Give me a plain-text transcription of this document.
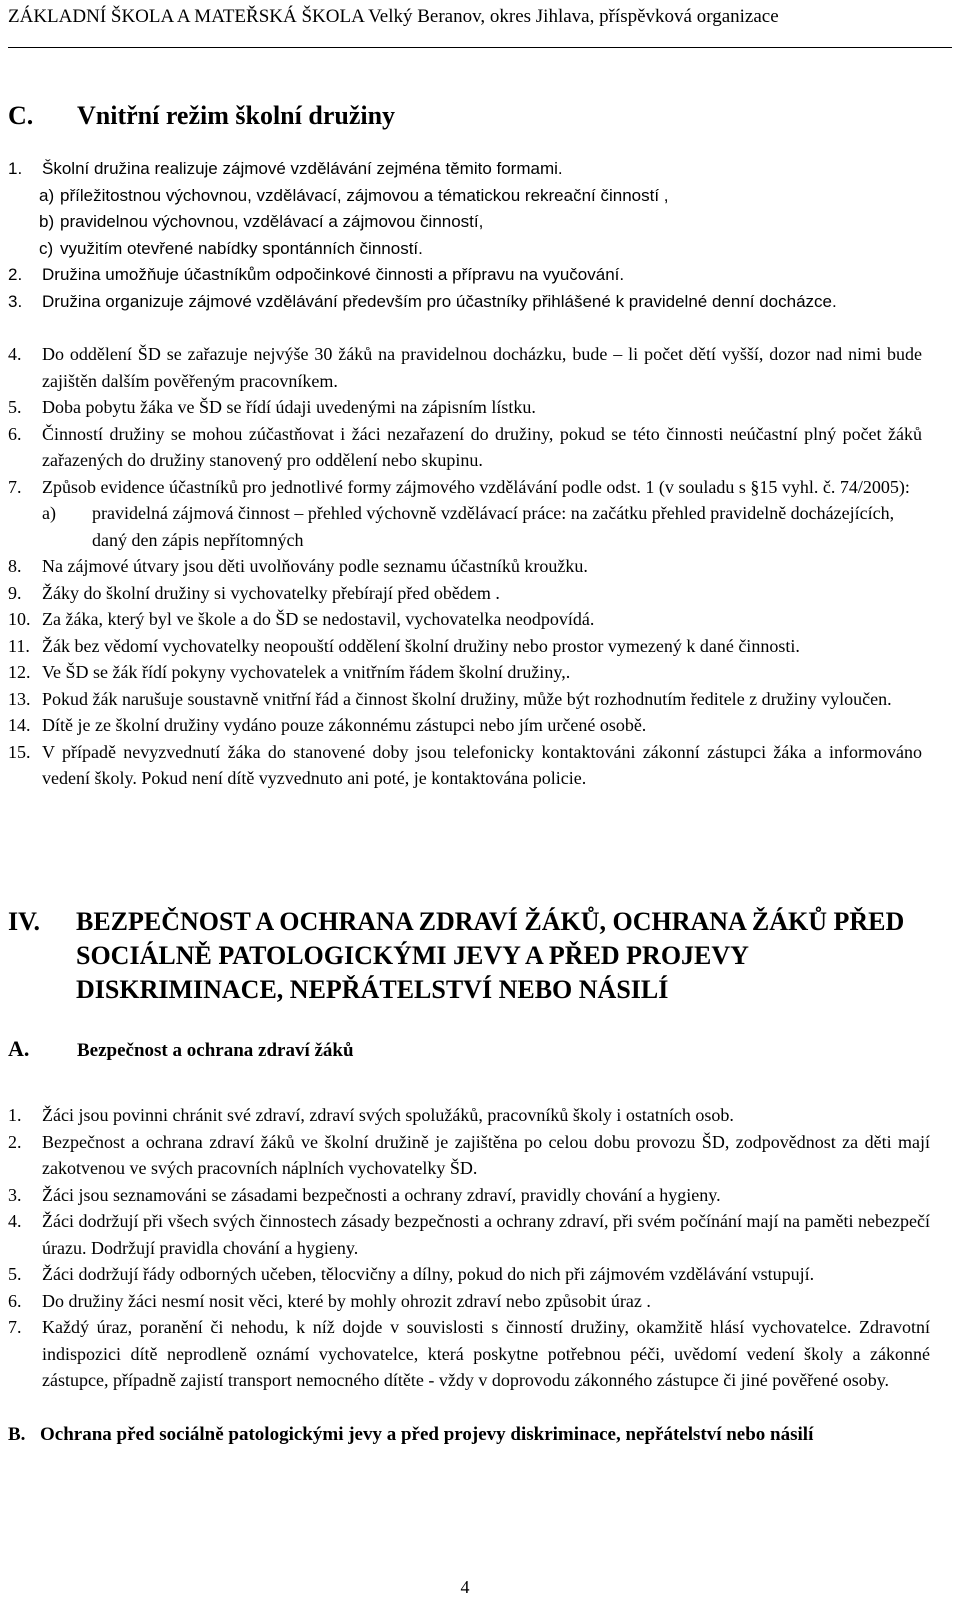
ZÁKLADNÍ ŠKOLA A MATEŘSKÁ ŠKOLA Velký Beranov, okres Jihlava, příspěvková organizace
C. Vnitřní režim školní družiny
1. Školní družina realizuje zájmové vzdělávání zejména těmito formami.
a) příležitostnou výchovnou, vzdělávací, zájmovou a tématickou rekreační činností ,
b) pravidelnou výchovnou, vzdělávací a zájmovou činností,
c) využitím otevřené nabídky spontánních činností.
2. Družina umožňuje účastníkům odpočinkové činnosti a přípravu na vyučování.
3. Družina organizuje zájmové vzdělávání především pro účastníky přihlášené k pravidelné denní docházce.
4. Do oddělení ŠD se zařazuje nejvýše 30 žáků na pravidelnou docházku, bude – li počet dětí vyšší, dozor nad nimi bude zajištěn dalším pověřeným pracovníkem.
5. Doba pobytu žáka ve ŠD se řídí údaji uvedenými na zápisním lístku.
6. Činností družiny se mohou zúčastňovat i žáci nezařazení do družiny, pokud se této činnosti neúčastní plný počet žáků zařazených do družiny stanovený pro oddělení nebo skupinu.
7. Způsob evidence účastníků pro jednotlivé formy zájmového vzdělávání podle odst. 1 (v souladu s §15 vyhl. č. 74/2005):
a) pravidelná zájmová činnost – přehled výchovně vzdělávací práce: na začátku přehled pravidelně docházejících, daný den zápis nepřítomných
8. Na zájmové útvary jsou děti uvolňovány podle seznamu účastníků kroužku.
9. Žáky do školní družiny si vychovatelky přebírají před obědem .
10. Za žáka, který byl ve škole a do ŠD se nedostavil, vychovatelka neodpovídá.
11. Žák bez vědomí vychovatelky neopouští oddělení školní družiny nebo prostor vymezený k dané činnosti.
12. Ve ŠD se žák řídí pokyny vychovatelek a vnitřním řádem školní družiny,.
13. Pokud žák narušuje soustavně vnitřní řád a činnost školní družiny, může být rozhodnutím ředitele z družiny vyloučen.
14. Dítě je ze školní družiny vydáno pouze zákonnému zástupci nebo jím určené osobě.
15. V případě nevyzvednutí žáka do stanovené doby jsou telefonicky kontaktováni zákonní zástupci žáka a informováno vedení školy. Pokud není dítě vyzvednuto ani poté, je kontaktována policie.
IV. BEZPEČNOST A OCHRANA ZDRAVÍ ŽÁKŮ, OCHRANA ŽÁKŮ PŘED SOCIÁLNĚ PATOLOGICKÝMI JEVY A PŘED PROJEVY DISKRIMINACE, NEPŘÁTELSTVÍ NEBO NÁSILÍ
A.	Bezpečnost a ochrana zdraví žáků
1. Žáci jsou povinni chránit své zdraví, zdraví svých spolužáků, pracovníků školy i ostatních osob.
2. Bezpečnost a ochrana zdraví žáků ve školní družině je zajištěna po celou dobu provozu ŠD, zodpovědnost za děti mají zakotvenou ve svých pracovních náplních vychovatelky ŠD.
3. Žáci jsou seznamováni se zásadami bezpečnosti a ochrany zdraví, pravidly chování a hygieny.
4. Žáci dodržují při všech svých činnostech zásady bezpečnosti a ochrany zdraví, při svém počínání mají na paměti nebezpečí úrazu. Dodržují pravidla chování a hygieny.
5. Žáci dodržují řády odborných učeben, tělocvičny a dílny, pokud do nich při zájmovém vzdělávání vstupují.
6. Do družiny žáci nesmí nosit věci, které by mohly ohrozit zdraví nebo způsobit úraz .
7. Každý úraz, poranění či nehodu, k níž dojde v souvislosti s činností družiny, okamžitě hlásí vychovatelce. Zdravotní indispozici dítě neprodleně oznámí vychovatelce, která poskytne potřebnou péči, uvědomí vedení školy a zákonné zástupce, případně zajistí transport nemocného dítěte - vždy v doprovodu zákonného zástupce či jiné pověřené osoby.
B. Ochrana před sociálně patologickými jevy a před projevy diskriminace, nepřátelství nebo násilí
4
